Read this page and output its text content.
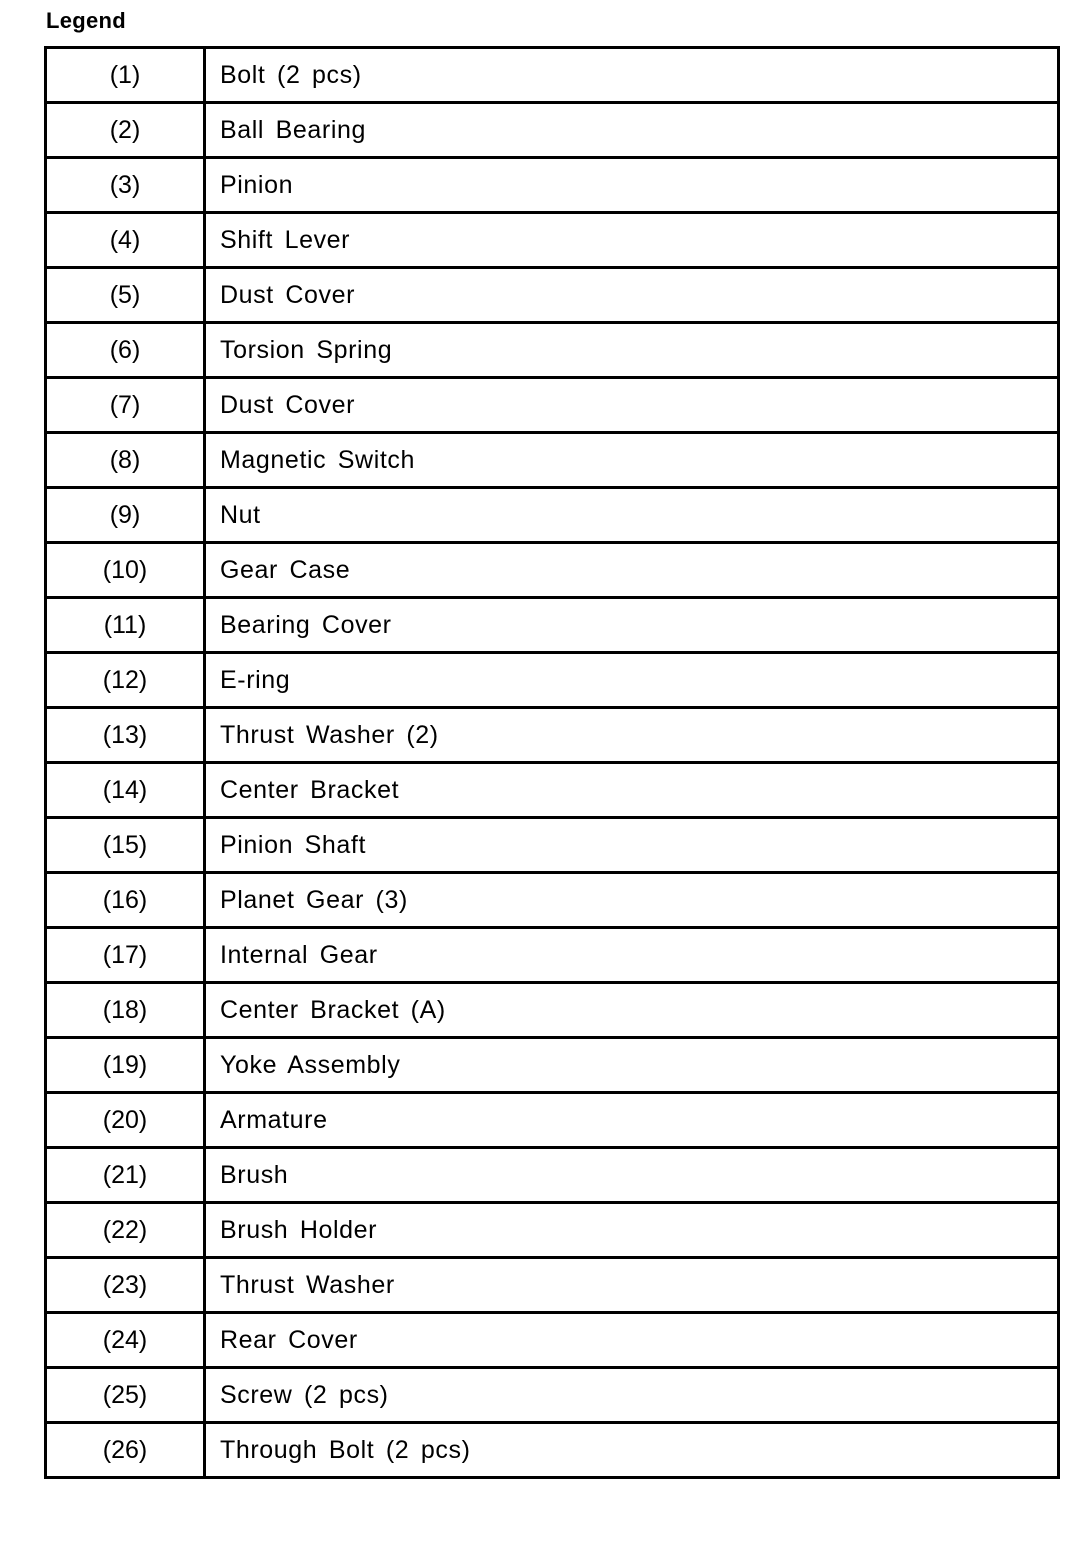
Legend
(1)	Bolt (2 pcs)
(2)	Ball Bearing
(3)	Pinion
(4)	Shift Lever
(5)	Dust Cover
(6)	Torsion Spring
(7)	Dust Cover
(8)	Magnetic Switch
(9)	Nut
(10)	Gear Case
(11)	Bearing Cover
(12)	E-ring
(13)	Thrust Washer (2)
(14)	Center Bracket
(15)	Pinion Shaft
(16)	Planet Gear (3)
(17)	Internal Gear
(18)	Center Bracket (A)
(19)	Yoke Assembly
(20)	Armature
(21)	Brush
(22)	Brush Holder
(23)	Thrust Washer
(24)	Rear Cover
(25)	Screw (2 pcs)
(26)	Through Bolt (2 pcs)
